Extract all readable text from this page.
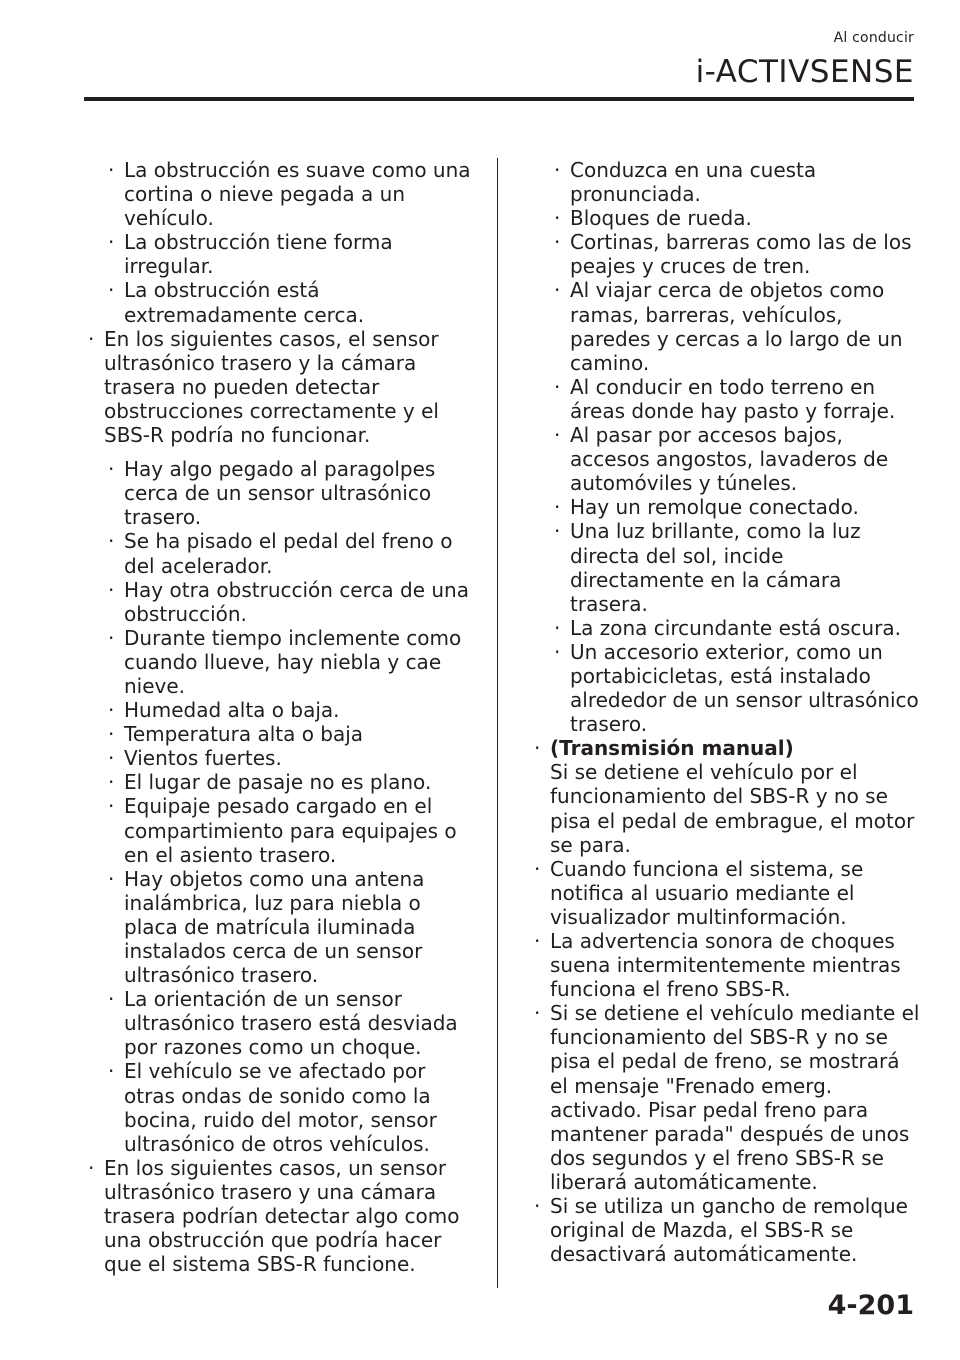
Al conducir
i-ACTIVSENSE
· La obstrucción es suave como una cortina o nieve pegada a un vehículo.
· La obstrucción tiene forma irregular.
· La obstrucción está extremadamente cerca.
· En los siguientes casos, el sensor ultrasónico trasero y la cámara trasera no pueden detectar obstrucciones correctamente y el SBS-R podría no funcionar.
· Hay algo pegado al paragolpes cerca de un sensor ultrasónico trasero.
· Se ha pisado el pedal del freno o del acelerador.
· Hay otra obstrucción cerca de una obstrucción.
· Durante tiempo inclemente como cuando llueve, hay niebla y cae nieve.
· Humedad alta o baja.
· Temperatura alta o baja
· Vientos fuertes.
· El lugar de pasaje no es plano.
· Equipaje pesado cargado en el compartimiento para equipajes o en el asiento trasero.
· Hay objetos como una antena inalámbrica, luz para niebla o placa de matrícula iluminada instalados cerca de un sensor ultrasónico trasero.
· La orientación de un sensor ultrasónico trasero está desviada por razones como un choque.
· El vehículo se ve afectado por otras ondas de sonido como la bocina, ruido del motor, sensor ultrasónico de otros vehículos.
· En los siguientes casos, un sensor ultrasónico trasero y una cámara trasera podrían detectar algo como una obstrucción que podría hacer que el sistema SBS-R funcione.
· Conduzca en una cuesta pronunciada.
· Bloques de rueda.
· Cortinas, barreras como las de los peajes y cruces de tren.
· Al viajar cerca de objetos como ramas, barreras, vehículos, paredes y cercas a lo largo de un camino.
· Al conducir en todo terreno en áreas donde hay pasto y forraje.
· Al pasar por accesos bajos, accesos angostos, lavaderos de automóviles y túneles.
· Hay un remolque conectado.
· Una luz brillante, como la luz directa del sol, incide directamente en la cámara trasera.
· La zona circundante está oscura.
· Un accesorio exterior, como un portabicicletas, está instalado alrededor de un sensor ultrasónico trasero.
· (Transmisión manual)
Si se detiene el vehículo por el funcionamiento del SBS-R y no se pisa el pedal de embrague, el motor se para.
· Cuando funciona el sistema, se notifica al usuario mediante el visualizador multinformación.
· La advertencia sonora de choques suena intermitentemente mientras funciona el freno SBS-R.
· Si se detiene el vehículo mediante el funcionamiento del SBS-R y no se pisa el pedal de freno, se mostrará el mensaje "Frenado emerg. activado. Pisar pedal freno para mantener parada" después de unos dos segundos y el freno SBS-R se liberará automáticamente.
· Si se utiliza un gancho de remolque original de Mazda, el SBS-R se desactivará automáticamente.
4-201
